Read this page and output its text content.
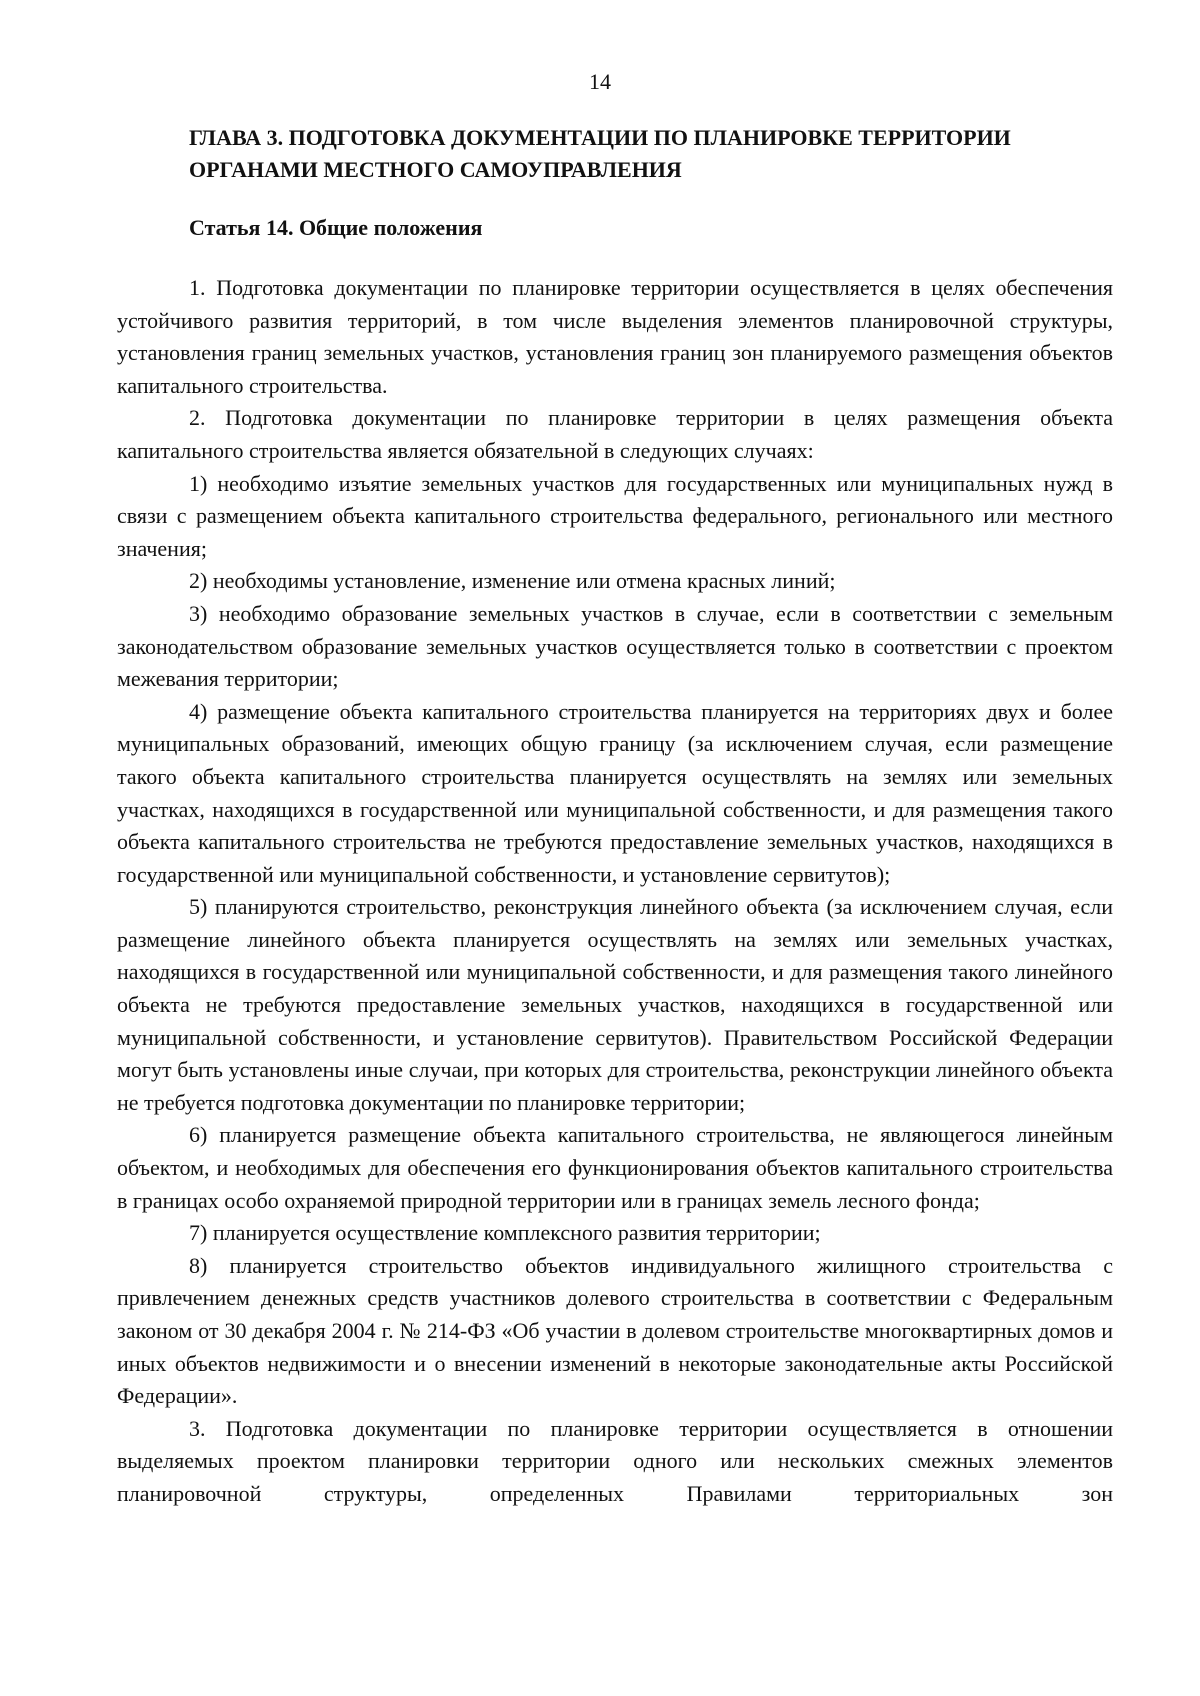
14
ГЛАВА 3. ПОДГОТОВКА ДОКУМЕНТАЦИИ ПО ПЛАНИРОВКЕ ТЕРРИТОРИИ
ОРГАНАМИ МЕСТНОГО САМОУПРАВЛЕНИЯ
Статья 14. Общие положения

1. Подготовка документации по планировке территории осуществляется в целях обеспечения устойчивого развития территорий, в том числе выделения элементов планировочной структуры, установления границ земельных участков, установления границ зон планируемого размещения объектов капитального строительства.

2. Подготовка документации по планировке территории в целях размещения объекта капитального строительства является обязательной в следующих случаях:

1) необходимо изъятие земельных участков для государственных или муниципальных нужд в связи с размещением объекта капитального строительства федерального, регионального или местного значения;

2) необходимы установление, изменение или отмена красных линий;

3) необходимо образование земельных участков в случае, если в соответствии с земельным законодательством образование земельных участков осуществляется только в соответствии с проектом межевания территории;

4) размещение объекта капитального строительства планируется на территориях двух и более муниципальных образований, имеющих общую границу (за исключением случая, если размещение такого объекта капитального строительства планируется осуществлять на землях или земельных участках, находящихся в государственной или муниципальной собственности, и для размещения такого объекта капитального строительства не требуются предоставление земельных участков, находящихся в государственной или муниципальной собственности, и установление сервитутов);

5) планируются строительство, реконструкция линейного объекта (за исключением случая, если размещение линейного объекта планируется осуществлять на землях или земельных участках, находящихся в государственной или муниципальной собственности, и для размещения такого линейного объекта не требуются предоставление земельных участков, находящихся в государственной или муниципальной собственности, и установление сервитутов). Правительством Российской Федерации могут быть установлены иные случаи, при которых для строительства, реконструкции линейного объекта не требуется подготовка документации по планировке территории;

6) планируется размещение объекта капитального строительства, не являющегося линейным объектом, и необходимых для обеспечения его функционирования объектов капитального строительства в границах особо охраняемой природной территории или в границах земель лесного фонда;

7) планируется осуществление комплексного развития территории;

8) планируется строительство объектов индивидуального жилищного строительства с привлечением денежных средств участников долевого строительства в соответствии с Федеральным законом от 30 декабря 2004 г. № 214-ФЗ «Об участии в долевом строительстве многоквартирных домов и иных объектов недвижимости и о внесении изменений в некоторые законодательные акты Российской Федерации».

3. Подготовка документации по планировке территории осуществляется в отношении выделяемых проектом планировки территории одного или нескольких смежных элементов планировочной структуры, определенных Правилами территориальных зон
